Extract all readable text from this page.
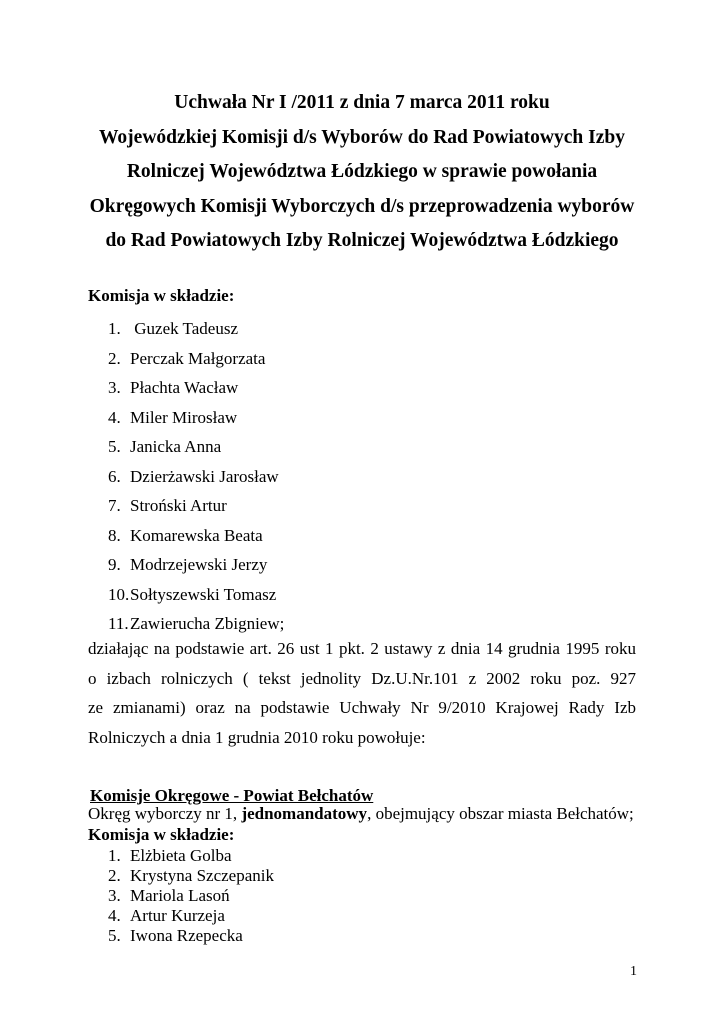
Uchwała Nr I /2011 z dnia 7 marca 2011 roku
Wojewódzkiej Komisji d/s Wyborów do Rad Powiatowych Izby
Rolniczej Województwa Łódzkiego w sprawie powołania
Okręgowych Komisji Wyborczych d/s przeprowadzenia wyborów
do Rad Powiatowych Izby Rolniczej Województwa Łódzkiego
Komisja w składzie:
1. Guzek Tadeusz
2. Perczak Małgorzata
3. Płachta Wacław
4. Miler Mirosław
5. Janicka Anna
6. Dzierżawski Jarosław
7. Stroński Artur
8. Komarewska Beata
9. Modrzejewski Jerzy
10.Sołtyszewski Tomasz
11.Zawierucha Zbigniew;
działając na podstawie art. 26 ust 1 pkt. 2 ustawy z dnia 14 grudnia 1995 roku
o izbach rolniczych ( tekst jednolity Dz.U.Nr.101 z 2002 roku poz. 927
ze zmianami) oraz na podstawie Uchwały Nr 9/2010 Krajowej Rady Izb
Rolniczych a dnia 1 grudnia 2010 roku powołuje:
Komisje Okręgowe - Powiat Bełchatów
Okręg wyborczy nr 1, jednomandatowy, obejmujący obszar miasta Bełchatów;
Komisja w składzie:
1. Elżbieta Golba
2. Krystyna Szczepanik
3. Mariola Lasoń
4. Artur Kurzeja
5. Iwona Rzepecka
1
